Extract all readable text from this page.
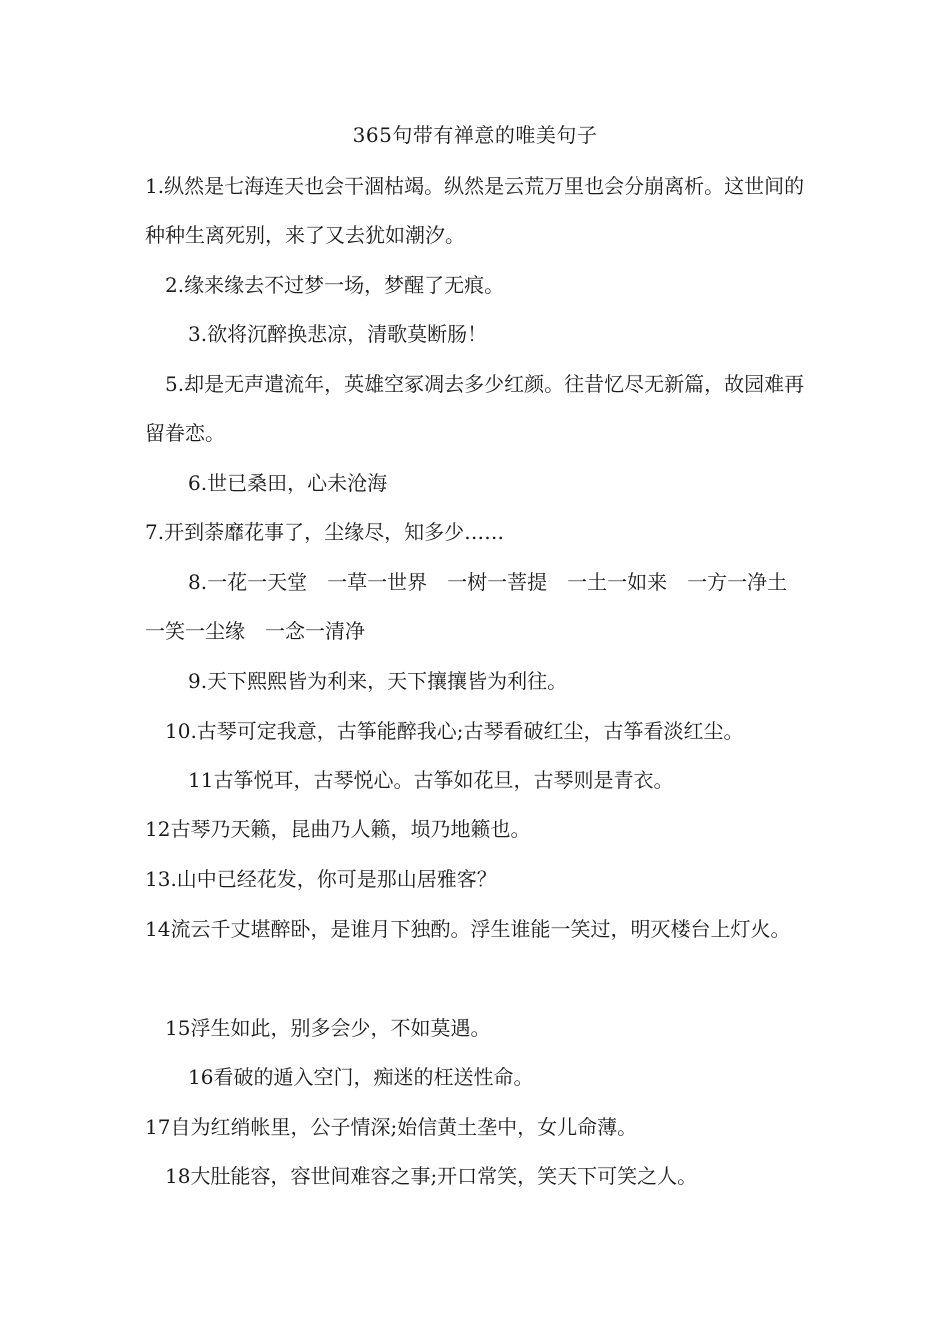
365句带有禅意的唯美句子
1.纵然是七海连天也会干涸枯竭。纵然是云荒万里也会分崩离析。这世间的种种生离死别，来了又去犹如潮汐。
2.缘来缘去不过梦一场，梦醒了无痕。
3.欲将沉醉换悲凉，清歌莫断肠！
5.却是无声遣流年，英雄空冢凋去多少红颜。往昔忆尽无新篇，故园难再留眷恋。
6.世已桑田，心未沧海
7.开到荼靡花事了，尘缘尽，知多少……
8.一花一天堂　一草一世界　一树一菩提　一土一如来　一方一净土　一笑一尘缘　一念一清净
9.天下熙熙皆为利来，天下攘攘皆为利往。
10.古琴可定我意，古筝能醉我心;古琴看破红尘，古筝看淡红尘。
11古筝悦耳，古琴悦心。古筝如花旦，古琴则是青衣。
12古琴乃天籁，昆曲乃人籁，埙乃地籁也。
13.山中已经花发，你可是那山居雅客？
14流云千丈堪醉卧，是谁月下独酌。浮生谁能一笑过，明灭楼台上灯火。
15浮生如此，别多会少，不如莫遇。
16看破的遁入空门，痴迷的枉送性命。
17自为红绡帐里，公子情深;始信黄土垄中，女儿命薄。
18大肚能容，容世间难容之事;开口常笑，笑天下可笑之人。
